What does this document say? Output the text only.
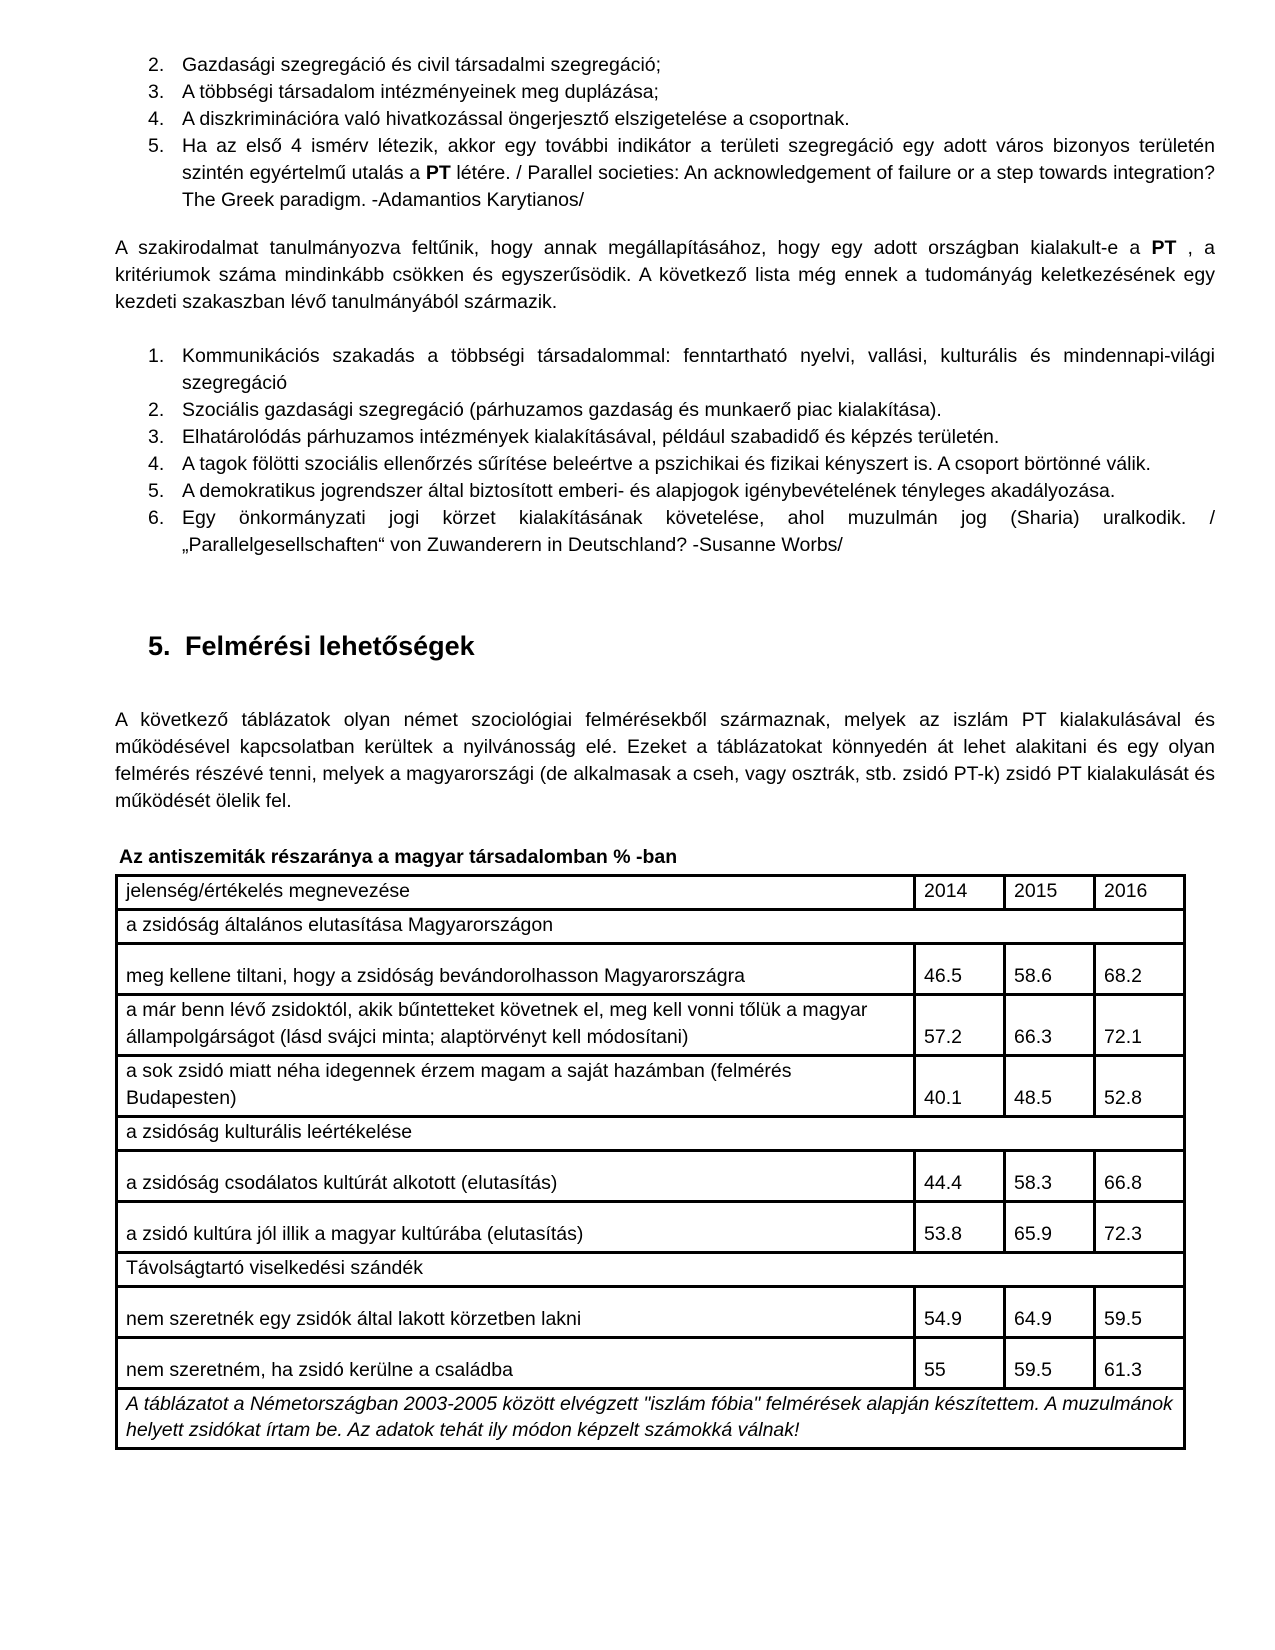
2. Gazdasági szegregáció és civil társadalmi szegregáció;
3. A többségi társadalom intézményeinek meg duplázása;
4. A diszkriminációra való hivatkozással öngerjesztő elszigetelése a csoportnak.
5. Ha az első 4 ismérv létezik, akkor egy további indikátor a területi szegregáció egy adott város bizonyos területén szintén egyértelmű utalás a PT létére. / Parallel societies: An acknowledgement of failure or a step towards integration? The Greek paradigm. -Adamantios Karytianos/

A szakirodalmat tanulmányozva feltűnik, hogy annak megállapításához, hogy egy adott országban kialakult-e a PT , a kritériumok száma mindinkább csökken és egyszerűsödik. A következő lista még ennek a tudományág keletkezésének egy kezdeti szakaszban lévő tanulmányából származik.

1. Kommunikációs szakadás a többségi társadalommal: fenntartható nyelvi, vallási, kulturális és mindennapi-világi szegregáció
2. Szociális gazdasági szegregáció (párhuzamos gazdaság és munkaerő piac kialakítása).
3. Elhatárolódás párhuzamos intézmények kialakításával, például szabadidő és képzés területén.
4. A tagok fölötti szociális ellenőrzés sűrítése beleértve a pszichikai és fizikai kényszert is. A csoport börtönné válik.
5. A demokratikus jogrendszer által biztosított emberi- és alapjogok igénybevételének tényleges akadályozása.
6. Egy önkormányzati jogi körzet kialakításának követelése, ahol muzulmán jog (Sharia) uralkodik. /„Parallelgesellschaften“ von Zuwanderern in Deutschland? -Susanne Worbs/
5. Felmérési lehetőségek

A következő táblázatok olyan német szociológiai felmérésekből származnak, melyek az iszlám PT kialakulásával és működésével kapcsolatban kerültek a nyilvánosság elé. Ezeket a táblázatokat könnyedén át lehet alakitani és egy olyan felmérés részévé tenni, melyek a magyarországi (de alkalmasak a cseh, vagy osztrák, stb. zsidó PT-k) zsidó PT kialakulását és működését ölelik fel.

Az antiszemiták részaránya a magyar társadalomban % -ban
jelenség/értékelés megnevezése	2014	2015	2016
a zsidóság általános elutasítása Magyarországon			
meg kellene tiltani, hogy a zsidóság bevándorolhasson Magyarországra	46.5	58.6	68.2
a már benn lévő zsidoktól, akik bűntetteket követnek el, meg kell vonni tőlük a magyar állampolgárságot (lásd svájci minta; alaptörvényt kell módosítani)	57.2	66.3	72.1
a sok zsidó miatt néha idegennek érzem magam a saját hazámban (felmérés Budapesten)	40.1	48.5	52.8
a zsidóság kulturális leértékelése			
a zsidóság csodálatos kultúrát alkotott (elutasítás)	44.4	58.3	66.8
a zsidó kultúra jól illik a magyar kultúrába (elutasítás)	53.8	65.9	72.3
Távolságtartó viselkedési szándék			
nem szeretnék egy zsidók által lakott körzetben lakni	54.9	64.9	59.5
nem szeretném, ha zsidó kerülne a családba	55	59.5	61.3
A táblázatot a Németországban 2003-2005 között elvégzett "iszlám fóbia" felmérések alapján készítettem. A muzulmánok helyett zsidókat írtam be. Az adatok tehát ily módon képzelt számokká válnak!			
